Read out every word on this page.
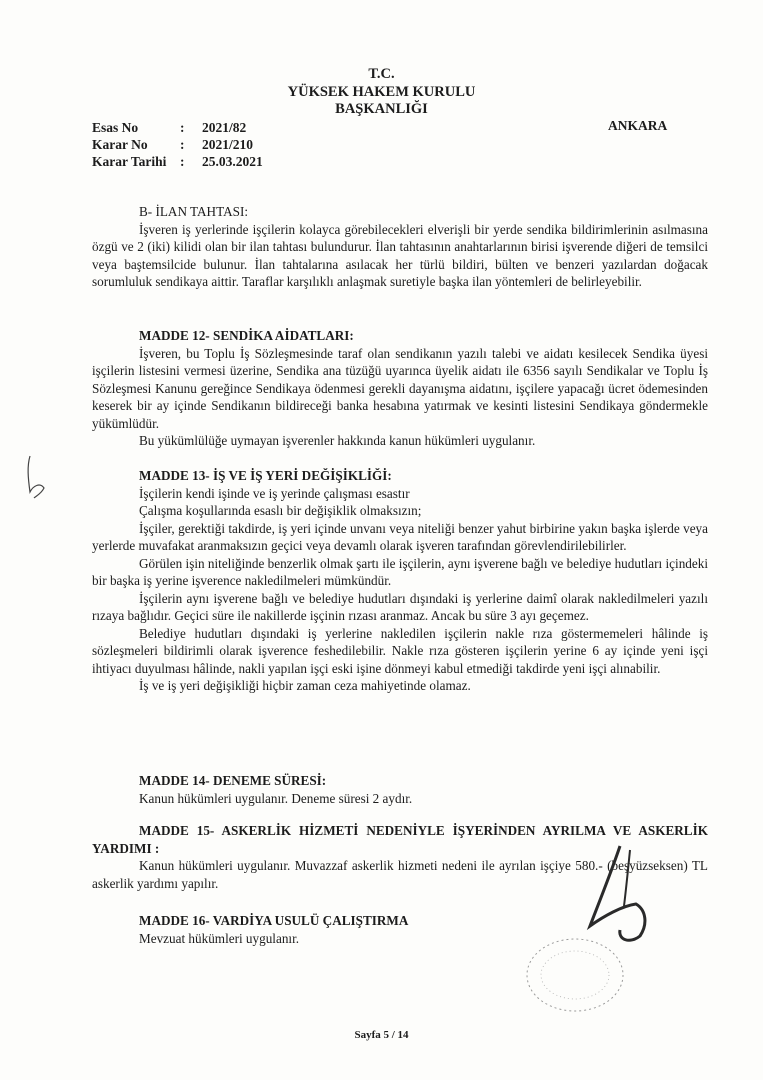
T.C.
YÜKSEK HAKEM KURULU
BAŞKANLIĞI
Esas No	: 2021/82
Karar No : 2021/210
Karar Tarihi : 25.03.2021
ANKARA

B- İLAN TAHTASI:

İşveren iş yerlerinde işçilerin kolayca görebilecekleri elverişli bir yerde sendika bildirimlerinin asılmasına özgü ve 2 (iki) kilidi olan bir ilan tahtası bulundurur. İlan tahtasının anahtarlarının birisi işverende diğeri de temsilci veya baştemsilcide bulunur. İlan tahtalarına asılacak her türlü bildiri, bülten ve benzeri yazılardan doğacak sorumluluk sendikaya aittir. Taraflar karşılıklı anlaşmak suretiyle başka ilan yöntemleri de belirleyebilir.

MADDE 12- SENDİKA AİDATLARI:

İşveren, bu Toplu İş Sözleşmesinde taraf olan sendikanın yazılı talebi ve aidatı kesilecek Sendika üyesi işçilerin listesini vermesi üzerine, Sendika ana tüzüğü uyarınca üyelik aidatı ile 6356 sayılı Sendikalar ve Toplu İş Sözleşmesi Kanunu gereğince Sendikaya ödenmesi gerekli dayanışma aidatını, işçilere yapacağı ücret ödemesinden keserek bir ay içinde Sendikanın bildireceği banka hesabına yatırmak ve kesinti listesini Sendikaya göndermekle yükümlüdür.

Bu yükümlülüğe uymayan işverenler hakkında kanun hükümleri uygulanır.

MADDE 13- İŞ VE İŞ YERİ DEĞİŞİKLİĞİ:

İşçilerin kendi işinde ve iş yerinde çalışması esastır

Çalışma koşullarında esaslı bir değişiklik olmaksızın;

İşçiler, gerektiği takdirde, iş yeri içinde unvanı veya niteliği benzer yahut birbirine yakın başka işlerde veya yerlerde muvafakat aranmaksızın geçici veya devamlı olarak işveren tarafından görevlendirilebilirler.

Görülen işin niteliğinde benzerlik olmak şartı ile işçilerin, aynı işverene bağlı ve belediye hudutları içindeki bir başka iş yerine işverence nakledilmeleri mümkündür.

İşçilerin aynı işverene bağlı ve belediye hudutları dışındaki iş yerlerine daimî olarak nakledilmeleri yazılı rızaya bağlıdır. Geçici süre ile nakillerde işçinin rızası aranmaz. Ancak bu süre 3 ayı geçemez.

Belediye hudutları dışındaki iş yerlerine nakledilen işçilerin nakle rıza göstermemeleri hâlinde iş sözleşmeleri bildirimli olarak işverence feshedilebilir. Nakle rıza gösteren işçilerin yerine 6 ay içinde yeni işçi ihtiyacı duyulması hâlinde, nakli yapılan işçi eski işine dönmeyi kabul etmediği takdirde yeni işçi alınabilir.

İş ve iş yeri değişikliği hiçbir zaman ceza mahiyetinde olamaz.

MADDE 14- DENEME SÜRESİ:

Kanun hükümleri uygulanır. Deneme süresi 2 aydır.

MADDE 15- ASKERLİK HİZMETİ NEDENİYLE İŞYERİNDEN AYRILMA VE ASKERLİK YARDIMI :

Kanun hükümleri uygulanır. Muvazzaf askerlik hizmeti nedeni ile ayrılan işçiye 580.- (beşyüzseksen) TL askerlik yardımı yapılır.

MADDE 16- VARDİYA USULÜ ÇALIŞTIRMA

Mevzuat hükümleri uygulanır.

Sayfa 5 / 14
